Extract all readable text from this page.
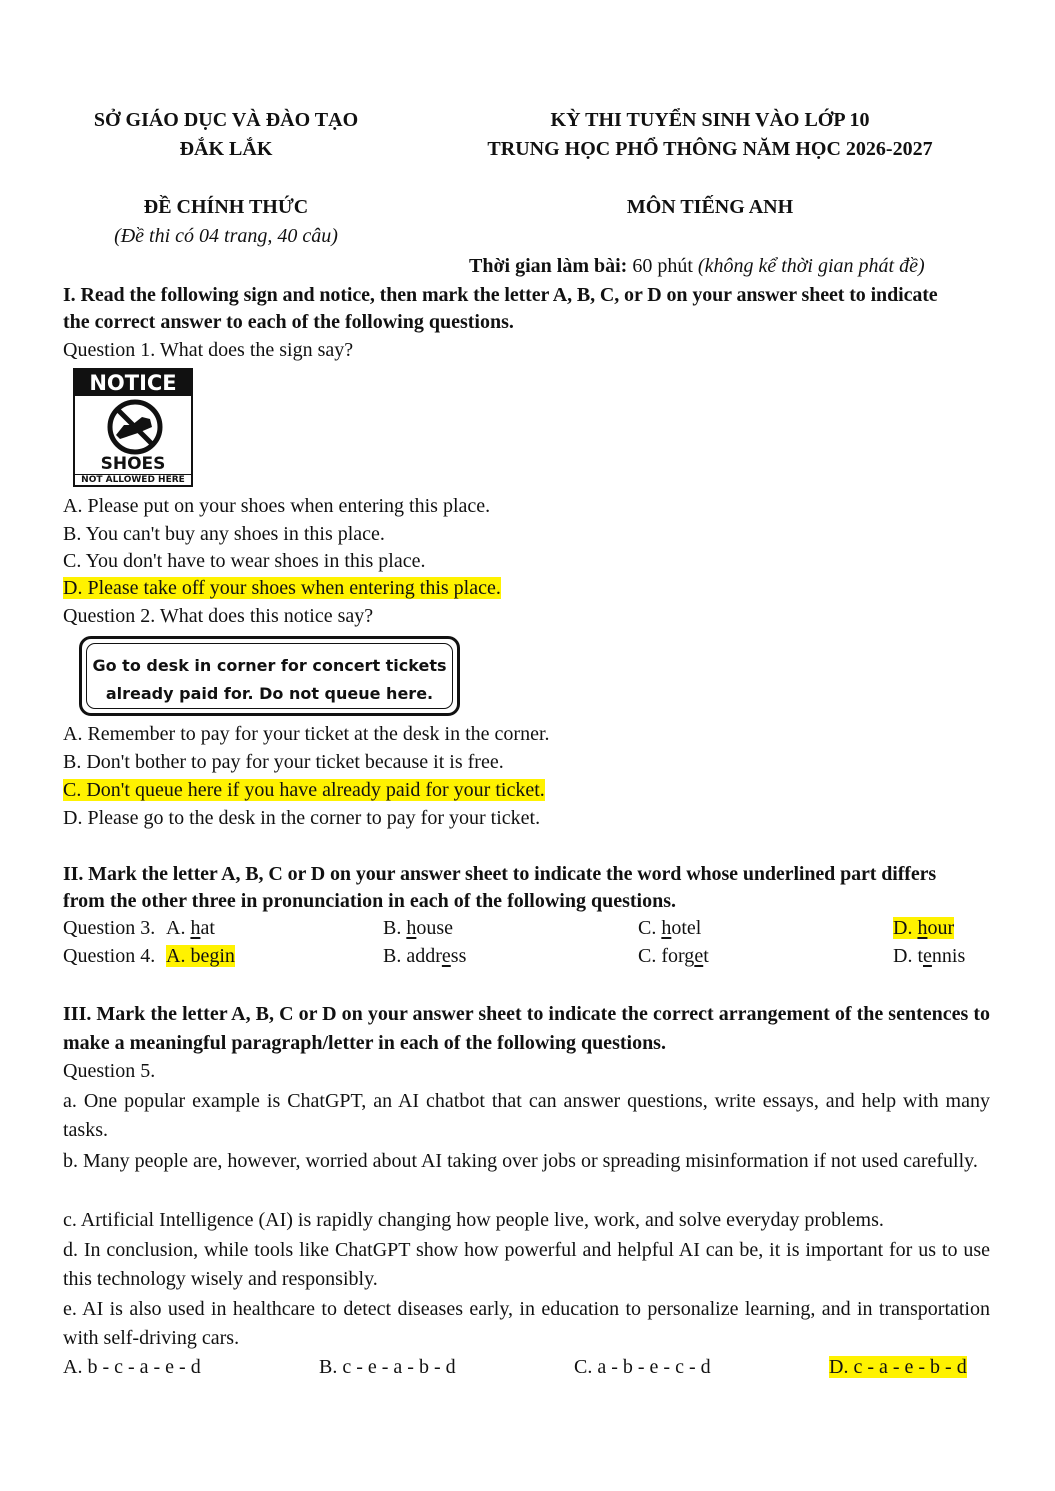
SỞ GIÁO DỤC VÀ ĐÀO TẠO
ĐẮK LẮK
KỲ THI TUYỂN SINH VÀO LỚP 10
TRUNG HỌC PHỔ THÔNG NĂM HỌC 2026-2027
ĐỀ CHÍNH THỨC
(Đề thi có 04 trang, 40 câu)
MÔN TIẾNG ANH
Thời gian làm bài: 60 phút (không kể thời gian phát đề)
I. Read the following sign and notice, then mark the letter A, B, C, or D on your answer sheet to indicate
the correct answer to each of the following questions.
Question 1. What does the sign say?
NOTICE
SHOES
NOT ALLOWED HERE
A. Please put on your shoes when entering this place.
B. You can't buy any shoes in this place.
C. You don't have to wear shoes in this place.
D. Please take off your shoes when entering this place.
Question 2. What does this notice say?
Go to desk in corner for concert tickets
already paid for. Do not queue here.
A. Remember to pay for your ticket at the desk in the corner.
B. Don't bother to pay for your ticket because it is free.
C. Don't queue here if you have already paid for your ticket.
D. Please go to the desk in the corner to pay for your ticket.
II. Mark the letter A, B, C or D on your answer sheet to indicate the word whose underlined part differs
from the other three in pronunciation in each of the following questions.
Question 3. A. hat	B. house	C. hotel	D. hour
Question 4. A. begin	B. address	C. forget	D. tennis
III. Mark the letter A, B, C or D on your answer sheet to indicate the correct arrangement of the sentences to make a meaningful paragraph/letter in each of the following questions.
Question 5.
a. One popular example is ChatGPT, an AI chatbot that can answer questions, write essays, and help with many tasks.
b. Many people are, however, worried about AI taking over jobs or spreading misinformation if not used carefully.
c. Artificial Intelligence (AI) is rapidly changing how people live, work, and solve everyday problems.
d. In conclusion, while tools like ChatGPT show how powerful and helpful AI can be, it is important for us to use this technology wisely and responsibly.
e. AI is also used in healthcare to detect diseases early, in education to personalize learning, and in transportation with self-driving cars.
A. b - c - a - e - d	B. c - e - a - b - d	C. a - b - e - c - d	D. c - a - e - b - d
